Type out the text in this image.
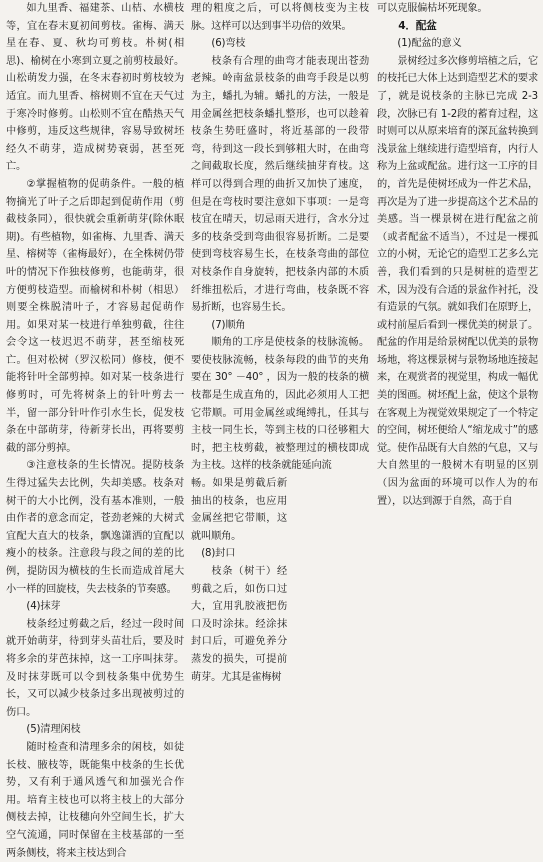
如九里香、福建茶、山桔、水横枝等，宜在春末夏初间剪枝。雀梅、满天星在春、夏、秋均可剪枝。朴树(相思)、榆树在小寒到立夏之前剪枝最好。山松萌发力强，在冬末春初时剪枝较为适宜。而九里香、榕树则不宜在天气过于寒冷时修剪。山松则不宜在酷热天气中修剪，违反这些规律，容易导致树坯经久不萌芽，造成树势衰弱，甚至死亡。

②掌握植物的促萌条件。一般的植物摘光了叶子之后即起到促萌作用（剪截枝条同），很快就会重新萌芽(除休眠期)。有些植物，如雀梅、九里香、满天星、榕树等（雀梅最好），在全株树仍带叶的情况下作独枝修剪，也能萌芽，很方便剪枝造型。而榆树和朴树（相思）则要全株脱清叶子，才容易起促萌作用。如果对某一枝进行单独剪截，往往会令这一枝迟迟不萌芽，甚至缩枝死亡。但对松树（罗汉松同）修枝，便不能将针叶全部剪掉。如对某一枝条进行修剪时，可先将树条上的针叶剪去一半，留一部分针叶作引水生长，促发枝条在中部萌芽，待新芽长出，再将要剪截的部分剪掉。

③注意枝条的生长情况。提防枝条生得过猛失去比例，失却美感。枝条对树干的大小比例，没有基本准则，一般由作者的意念而定，苍劲老辣的大树式宜配大直大的枝条，飘逸潇洒的宜配以瘦小的枝条。注意段与段之间的差的比例，提防因为横枝的生长而造成首尾大小一样的回旋枝，失去枝条的节奏感。

(4)抹芽

枝条经过剪截之后，经过一段时间就开始萌芽，待到芽头苗壮后，要及时将多余的芽芭抹掉，这一工序叫抹芽。及时抹芽既可以令到枝条集中优势生长，又可以减少枝条过多出现被剪过的伤口。

(5)清理闲枝

随时检查和清理多余的闲枝，如徒长枝、腋枝等，既能集中枝条的生长优势，又有利于通风透气和加强光合作用。培育主枝也可以将主枝上的大部分侧枝去掉，让枝穗向外空间生长，扩大空气流通，同时保留在主枝基部的一至两条侧枝，将来主枝达到合

理的粗度之后，可以将侧枝变为主枝脉。这样可以达到事半功倍的效果。

(6)弯枝

枝条有合理的曲弯才能表现出苍劲老辣。岭南盆景枝条的曲弯手段是以剪为主，蟠扎为辅。蟠扎的方法，一般是用金属丝把枝条蟠扎整形，也可以趁着枝条生势旺盛时，将近基部的一段带弯，待到这一段长到够粗大时，在曲弯之间截取长度，然后继续抽芽育枝。这样可以得到合理的曲折又加快了速度，但是在弯枝时要注意如下事项：一是弯枝宜在晴天，切忌雨天进行，含水分过多的枝条受到弯曲很容易折断。二是要使到弯枝容易生长，在枝条弯曲的部位对枝条作自身旋转，把枝条内部的木质纤维扭松后，才进行弯曲，枝条既不容易折断，也容易生长。

(7)顺角

顺角的工序是使枝条的枝脉流畅。要使枝脉流畅，枝条每段的曲节的夹角要在 30° －40° ，因为一般的枝条的横枝都是生成直角的，因此必须用人工把它带顺。可用金属丝或绳缚扎，任其与主枝一同生长，等到主枝的口径够粗大时，把主枝剪截，被整理过的横枝即成为主枝。这样的枝条就能延向流

畅。如果是剪截后新抽出的枝条，也应用金属丝把它带顺，这就叫顺角。

(8)封口

枝条（树干）经剪截之后，如伤口过大，宜用乳胶液把伤口及时涂抹。经涂抹封口后，可避免养分蒸发的损失，可提前萌芽。尤其是雀梅树

可以克服偏枯坏死现象。

4．配盆
(1)配盆的意义

景树经过多次修剪培植之后，它的枝托已大体上达到造型艺术的要求了，就是说枝条的主脉已完成 2-3 段，次脉已有 1-2段的蓄育过程，这时则可以从原来培育的深瓦盆转换到浅景盆上继续进行造型培育，内行人称为上盆或配盆。进行这一工序的目的，首先是使树坯成为一件艺术品，再次是为了进一步提高这个艺术品的美感。当一棵景树在进行配盆之前（或者配盆不适当），不过是一棵孤立的小树，无论它的造型工艺多么完善，我们看到的只是树桩的造型艺术，因为没有合适的景盆作衬托，没有造景的气氛。就如我们在原野上，或村前屋后看到一棵优美的树景了。配盆的作用是给景树配以优美的景物场地，将这棵景树与景物场地连接起来，在观赏者的视觉里，构成一幅优美的图画。树坯配上盆，使这个景物在客观上为视觉效果规定了一个特定的空间，树坯便给人“缩龙成寸”的感觉。使作品既有大自然的气息，又与大自然里的一般树木有明显的区别（因为盆面的环境可以作人为的布置），以达到源于自然，高于自
